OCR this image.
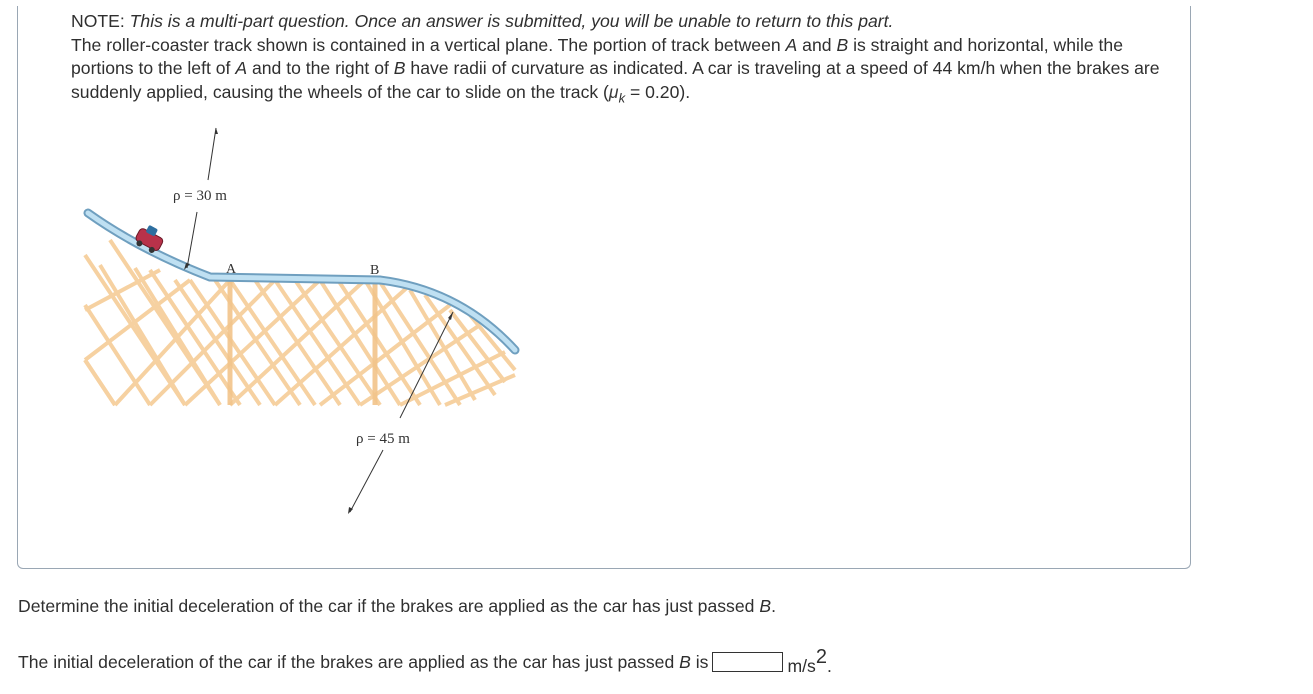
NOTE: This is a multi-part question. Once an answer is submitted, you will be unable to return to this part.

The roller-coaster track shown is contained in a vertical plane. The portion of track between A and B is straight and horizontal, while the portions to the left of A and to the right of B have radii of curvature as indicated. A car is traveling at a speed of 44 km/h when the brakes are suddenly applied, causing the wheels of the car to slide on the track $(\mu_k = 0.20)$.

ρ = 30 m
A	B
ρ = 45 m
Determine the initial deceleration of the car if the brakes are applied as the car has just passed B.
The initial deceleration of the car if the brakes are applied as the car has just passed B is	$m/s^2$.
